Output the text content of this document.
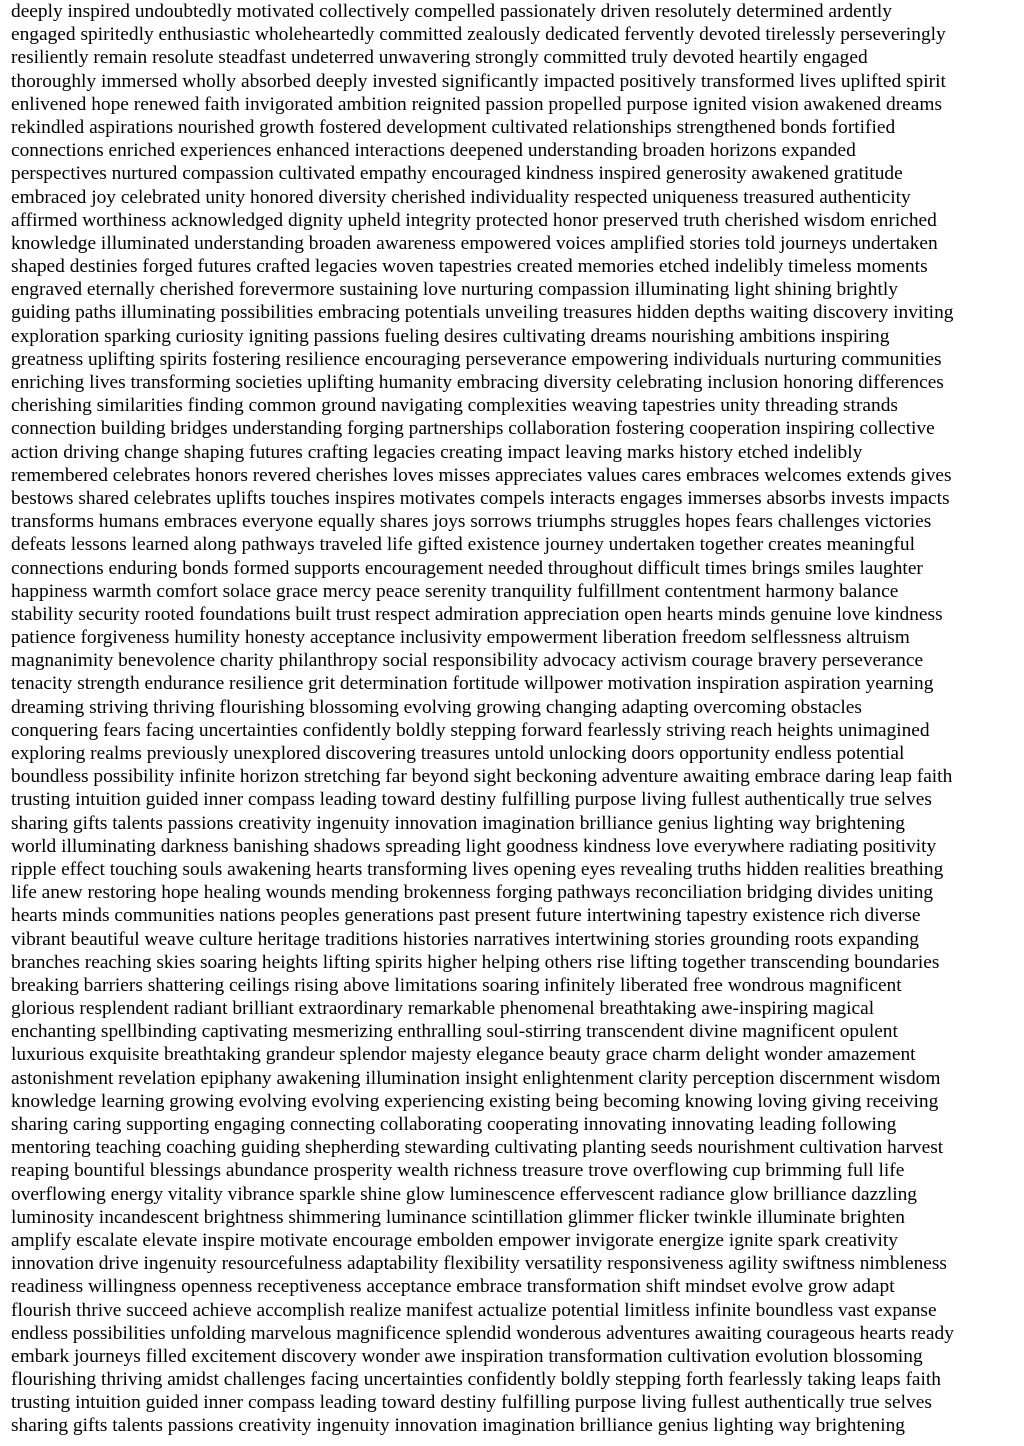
deeply inspired undoubtedly motivated collectively compelled passionately driven resolutely determined ardently
engaged spiritedly enthusiastic wholeheartedly committed zealously dedicated fervently devoted tirelessly perseveringly
resiliently remain resolute steadfast undeterred unwavering strongly committed truly devoted heartily engaged
thoroughly immersed wholly absorbed deeply invested significantly impacted positively transformed lives uplifted spirit
enlivened hope renewed faith invigorated ambition reignited passion propelled purpose ignited vision awakened dreams
rekindled aspirations nourished growth fostered development cultivated relationships strengthened bonds fortified
connections enriched experiences enhanced interactions deepened understanding broaden horizons expanded
perspectives nurtured compassion cultivated empathy encouraged kindness inspired generosity awakened gratitude
embraced joy celebrated unity honored diversity cherished individuality respected uniqueness treasured authenticity
affirmed worthiness acknowledged dignity upheld integrity protected honor preserved truth cherished wisdom enriched
knowledge illuminated understanding broaden awareness empowered voices amplified stories told journeys undertaken
shaped destinies forged futures crafted legacies woven tapestries created memories etched indelibly timeless moments
engraved eternally cherished forevermore sustaining love nurturing compassion illuminating light shining brightly
guiding paths illuminating possibilities embracing potentials unveiling treasures hidden depths waiting discovery inviting
exploration sparking curiosity igniting passions fueling desires cultivating dreams nourishing ambitions inspiring
greatness uplifting spirits fostering resilience encouraging perseverance empowering individuals nurturing communities
enriching lives transforming societies uplifting humanity embracing diversity celebrating inclusion honoring differences
cherishing similarities finding common ground navigating complexities weaving tapestries unity threading strands
connection building bridges understanding forging partnerships collaboration fostering cooperation inspiring collective
action driving change shaping futures crafting legacies creating impact leaving marks history etched indelibly
remembered celebrates honors revered cherishes loves misses appreciates values cares embraces welcomes extends gives
bestows shared celebrates uplifts touches inspires motivates compels interacts engages immerses absorbs invests impacts
transforms humans embraces everyone equally shares joys sorrows triumphs struggles hopes fears challenges victories
defeats lessons learned along pathways traveled life gifted existence journey undertaken together creates meaningful
connections enduring bonds formed supports encouragement needed throughout difficult times brings smiles laughter
happiness warmth comfort solace grace mercy peace serenity tranquility fulfillment contentment harmony balance
stability security rooted foundations built trust respect admiration appreciation open hearts minds genuine love kindness
patience forgiveness humility honesty acceptance inclusivity empowerment liberation freedom selflessness altruism
magnanimity benevolence charity philanthropy social responsibility advocacy activism courage bravery perseverance
tenacity strength endurance resilience grit determination fortitude willpower motivation inspiration aspiration yearning
dreaming striving thriving flourishing blossoming evolving growing changing adapting overcoming obstacles
conquering fears facing uncertainties confidently boldly stepping forward fearlessly striving reach heights unimagined
exploring realms previously unexplored discovering treasures untold unlocking doors opportunity endless potential
boundless possibility infinite horizon stretching far beyond sight beckoning adventure awaiting embrace daring leap faith
trusting intuition guided inner compass leading toward destiny fulfilling purpose living fullest authentically true selves
sharing gifts talents passions creativity ingenuity innovation imagination brilliance genius lighting way brightening
world illuminating darkness banishing shadows spreading light goodness kindness love everywhere radiating positivity
ripple effect touching souls awakening hearts transforming lives opening eyes revealing truths hidden realities breathing
life anew restoring hope healing wounds mending brokenness forging pathways reconciliation bridging divides uniting
hearts minds communities nations peoples generations past present future intertwining tapestry existence rich diverse
vibrant beautiful weave culture heritage traditions histories narratives intertwining stories grounding roots expanding
branches reaching skies soaring heights lifting spirits higher helping others rise lifting together transcending boundaries
breaking barriers shattering ceilings rising above limitations soaring infinitely liberated free wondrous magnificent
glorious resplendent radiant brilliant extraordinary remarkable phenomenal breathtaking awe-inspiring magical
enchanting spellbinding captivating mesmerizing enthralling soul-stirring transcendent divine magnificent opulent
luxurious exquisite breathtaking grandeur splendor majesty elegance beauty grace charm delight wonder amazement
astonishment revelation epiphany awakening illumination insight enlightenment clarity perception discernment wisdom
knowledge learning growing evolving evolving experiencing existing being becoming knowing loving giving receiving
sharing caring supporting engaging connecting collaborating cooperating innovating innovating leading following
mentoring teaching coaching guiding shepherding stewarding cultivating planting seeds nourishment cultivation harvest
reaping bountiful blessings abundance prosperity wealth richness treasure trove overflowing cup brimming full life
overflowing energy vitality vibrance sparkle shine glow luminescence effervescent radiance glow brilliance dazzling
luminosity incandescent brightness shimmering luminance scintillation glimmer flicker twinkle illuminate brighten
amplify escalate elevate inspire motivate encourage embolden empower invigorate energize ignite spark creativity
innovation drive ingenuity resourcefulness adaptability flexibility versatility responsiveness agility swiftness nimbleness
readiness willingness openness receptiveness acceptance embrace transformation shift mindset evolve grow adapt
flourish thrive succeed achieve accomplish realize manifest actualize potential limitless infinite boundless vast expanse
endless possibilities unfolding marvelous magnificence splendid wonderous adventures awaiting courageous hearts ready
embark journeys filled excitement discovery wonder awe inspiration transformation cultivation evolution blossoming
flourishing thriving amidst challenges facing uncertainties confidently boldly stepping forth fearlessly taking leaps faith
trusting intuition guided inner compass leading toward destiny fulfilling purpose living fullest authentically true selves
sharing gifts talents passions creativity ingenuity innovation imagination brilliance genius lighting way brightening
